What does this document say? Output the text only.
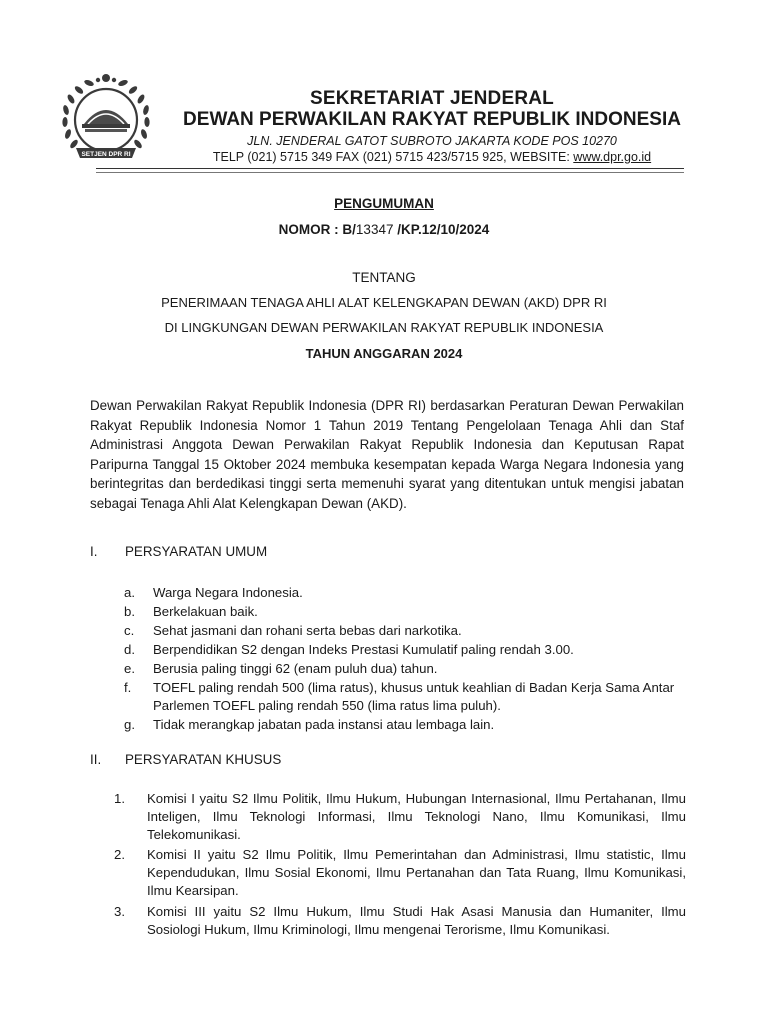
SETJEN DPR RI
SEKRETARIAT JENDERAL
DEWAN PERWAKILAN RAKYAT REPUBLIK INDONESIA
JLN. JENDERAL GATOT SUBROTO JAKARTA KODE POS 10270
TELP (021) 5715 349 FAX (021) 5715 423/5715 925, WEBSITE: www.dpr.go.id
PENGUMUMAN
NOMOR : B/13347 /KP.12/10/2024
TENTANG
PENERIMAAN TENAGA AHLI ALAT KELENGKAPAN DEWAN (AKD) DPR RI
DI LINGKUNGAN DEWAN PERWAKILAN RAKYAT REPUBLIK INDONESIA
TAHUN ANGGARAN 2024
Dewan Perwakilan Rakyat Republik Indonesia (DPR RI) berdasarkan Peraturan Dewan Perwakilan Rakyat Republik Indonesia Nomor 1 Tahun 2019 Tentang Pengelolaan Tenaga Ahli dan Staf Administrasi Anggota Dewan Perwakilan Rakyat Republik Indonesia dan Keputusan Rapat Paripurna Tanggal 15 Oktober 2024 membuka kesempatan kepada Warga Negara Indonesia yang berintegritas dan berdedikasi tinggi serta memenuhi syarat yang ditentukan untuk mengisi jabatan sebagai Tenaga Ahli Alat Kelengkapan Dewan (AKD).
I. PERSYARATAN UMUM
a. Warga Negara Indonesia.
b. Berkelakuan baik.
c. Sehat jasmani dan rohani serta bebas dari narkotika.
d. Berpendidikan S2 dengan Indeks Prestasi Kumulatif paling rendah 3.00.
e. Berusia paling tinggi 62 (enam puluh dua) tahun.
f. TOEFL paling rendah 500 (lima ratus), khusus untuk keahlian di Badan Kerja Sama Antar Parlemen TOEFL paling rendah 550 (lima ratus lima puluh).
g. Tidak merangkap jabatan pada instansi atau lembaga lain.
II. PERSYARATAN KHUSUS
1. Komisi I yaitu S2 Ilmu Politik, Ilmu Hukum, Hubungan Internasional, Ilmu Pertahanan, Ilmu Inteligen, Ilmu Teknologi Informasi, Ilmu Teknologi Nano, Ilmu Komunikasi, Ilmu Telekomunikasi.
2. Komisi II yaitu S2 Ilmu Politik, Ilmu Pemerintahan dan Administrasi, Ilmu statistic, Ilmu Kependudukan, Ilmu Sosial Ekonomi, Ilmu Pertanahan dan Tata Ruang, Ilmu Komunikasi, Ilmu Kearsipan.
3. Komisi III yaitu S2 Ilmu Hukum, Ilmu Studi Hak Asasi Manusia dan Humaniter, Ilmu Sosiologi Hukum, Ilmu Kriminologi, Ilmu mengenai Terorisme, Ilmu Komunikasi.
